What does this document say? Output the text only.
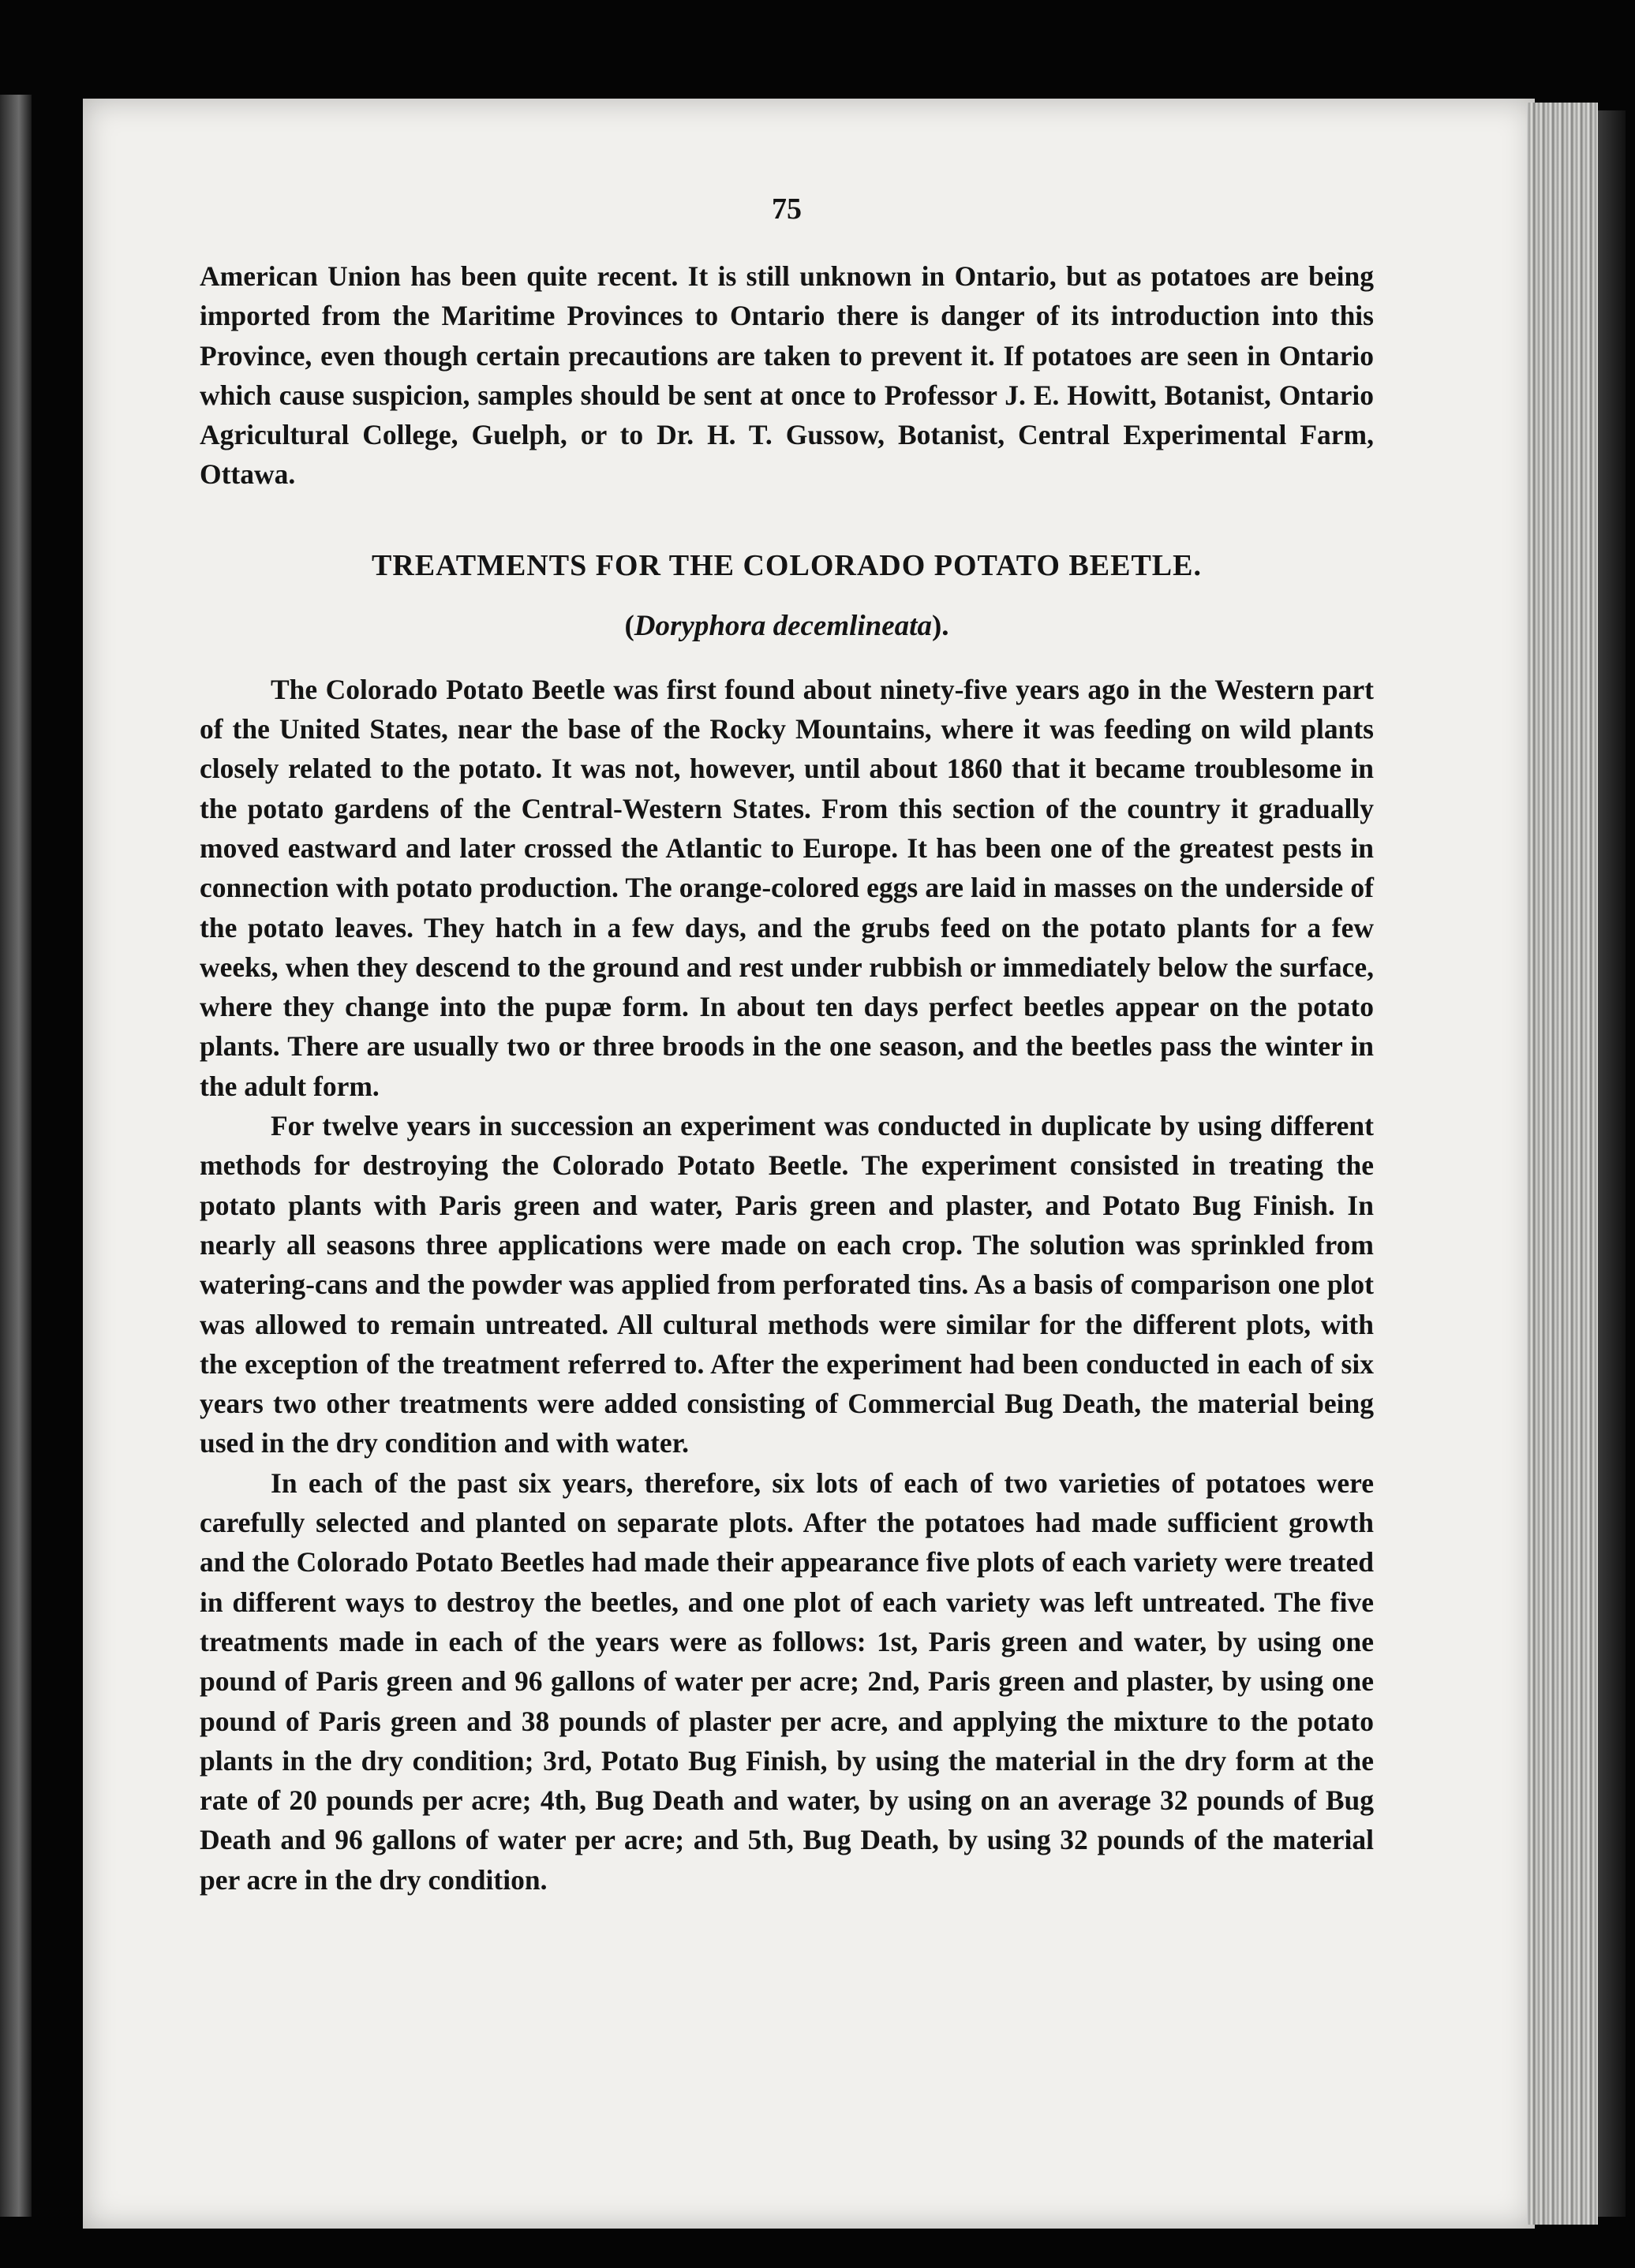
75

American Union has been quite recent. It is still unknown in Ontario, but as potatoes are being imported from the Maritime Provinces to Ontario there is danger of its introduction into this Province, even though certain precautions are taken to prevent it. If potatoes are seen in Ontario which cause suspicion, samples should be sent at once to Professor J. E. Howitt, Botanist, Ontario Agricultural College, Guelph, or to Dr. H. T. Gussow, Botanist, Central Experimental Farm, Ottawa.

TREATMENTS FOR THE COLORADO POTATO BEETLE.
(Doryphora decemlineata).

The Colorado Potato Beetle was first found about ninety-five years ago in the Western part of the United States, near the base of the Rocky Mountains, where it was feeding on wild plants closely related to the potato. It was not, however, until about 1860 that it became troublesome in the potato gardens of the Central-Western States. From this section of the country it gradually moved eastward and later crossed the Atlantic to Europe. It has been one of the greatest pests in connection with potato production. The orange-colored eggs are laid in masses on the underside of the potato leaves. They hatch in a few days, and the grubs feed on the potato plants for a few weeks, when they descend to the ground and rest under rubbish or immediately below the surface, where they change into the pupæ form. In about ten days perfect beetles appear on the potato plants. There are usually two or three broods in the one season, and the beetles pass the winter in the adult form.

For twelve years in succession an experiment was conducted in duplicate by using different methods for destroying the Colorado Potato Beetle. The experiment consisted in treating the potato plants with Paris green and water, Paris green and plaster, and Potato Bug Finish. In nearly all seasons three applications were made on each crop. The solution was sprinkled from watering-cans and the powder was applied from perforated tins. As a basis of comparison one plot was allowed to remain untreated. All cultural methods were similar for the different plots, with the exception of the treatment referred to. After the experiment had been conducted in each of six years two other treatments were added consisting of Commercial Bug Death, the material being used in the dry condition and with water.

In each of the past six years, therefore, six lots of each of two varieties of potatoes were carefully selected and planted on separate plots. After the potatoes had made sufficient growth and the Colorado Potato Beetles had made their appearance five plots of each variety were treated in different ways to destroy the beetles, and one plot of each variety was left untreated. The five treatments made in each of the years were as follows: 1st, Paris green and water, by using one pound of Paris green and 96 gallons of water per acre; 2nd, Paris green and plaster, by using one pound of Paris green and 38 pounds of plaster per acre, and applying the mixture to the potato plants in the dry condition; 3rd, Potato Bug Finish, by using the material in the dry form at the rate of 20 pounds per acre; 4th, Bug Death and water, by using on an average 32 pounds of Bug Death and 96 gallons of water per acre; and 5th, Bug Death, by using 32 pounds of the material per acre in the dry condition.
